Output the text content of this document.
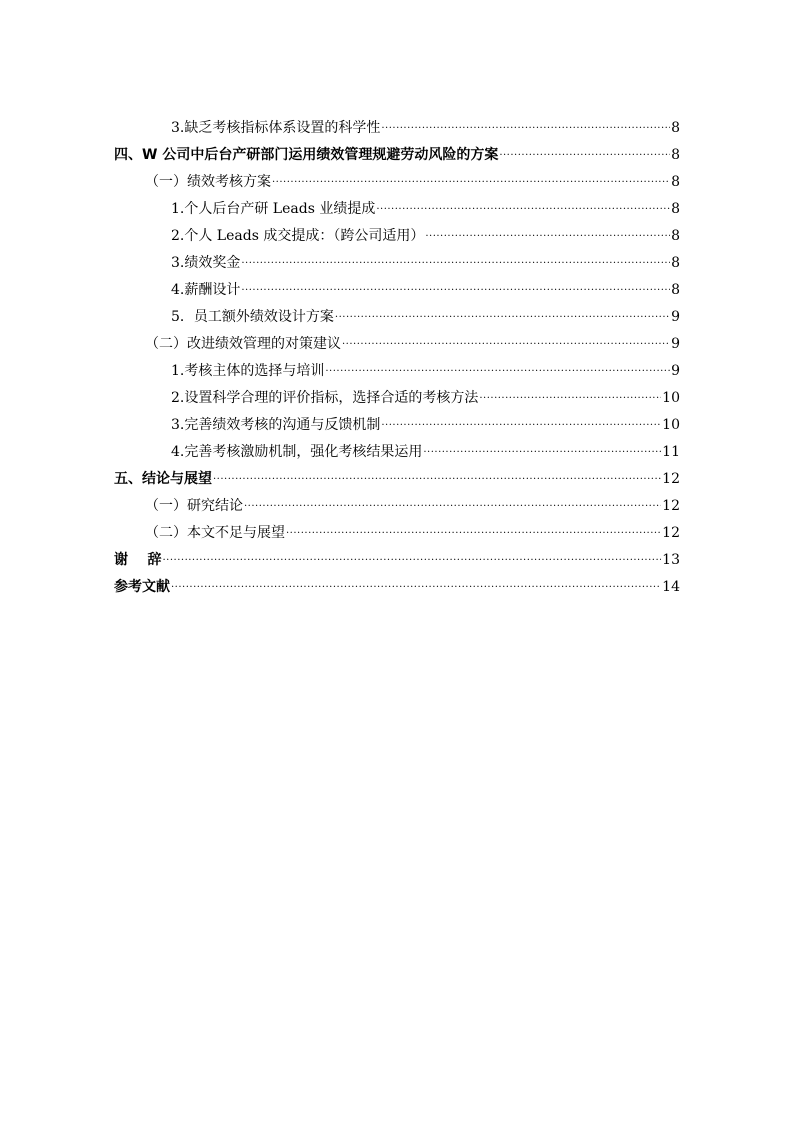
3.缺乏考核指标体系设置的科学性 .....	8
四、W 公司中后台产研部门运用绩效管理规避劳动风险的方案 .....	8
（一）绩效考核方案 .....	8
1.个人后台产研 Leads 业绩提成 .....	8
2.个人 Leads 成交提成：（跨公司适用） .....	8
3.绩效奖金 .....	8
4.薪酬设计 .....	8
5．员工额外绩效设计方案 .....	9
（二）改进绩效管理的对策建议 .....	9
1.考核主体的选择与培训 .....	9
2.设置科学合理的评价指标，选择合适的考核方法 .....	10
3.完善绩效考核的沟通与反馈机制 .....	10
4.完善考核激励机制，强化考核结果运用 .....	11
五、结论与展望 .....	12
（一）研究结论 .....	12
（二）本文不足与展望 .....	12
谢    辞 .....	13
参考文献 .....	14
